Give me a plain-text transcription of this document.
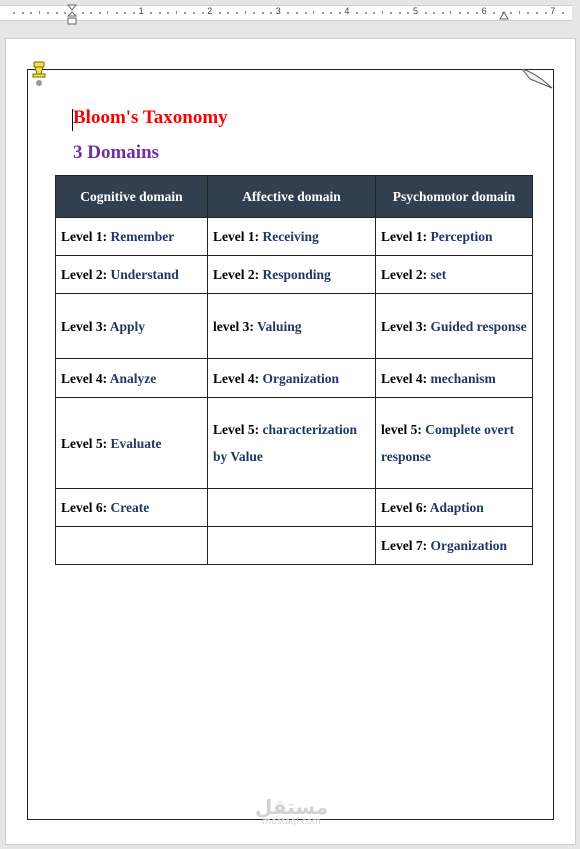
1	2	3	4	5	6	7
Bloom's Taxonomy
3 Domains
Cognitive domain	Affective domain	Psychomotor domain
Level 1: Remember	Level 1: Receiving	Level 1: Perception
Level 2: Understand	Level 2: Responding	Level 2: set
Level 3: Apply	level 3: Valuing	Level 3: Guided response
Level 4: Analyze	Level 4: Organization	Level 4: mechanism
Level 5: Evaluate	Level 5: characterization by Value	level 5: Complete overt response
Level 6: Create		Level 6: Adaption
		Level 7: Organization
مستقل
mostaql.com
